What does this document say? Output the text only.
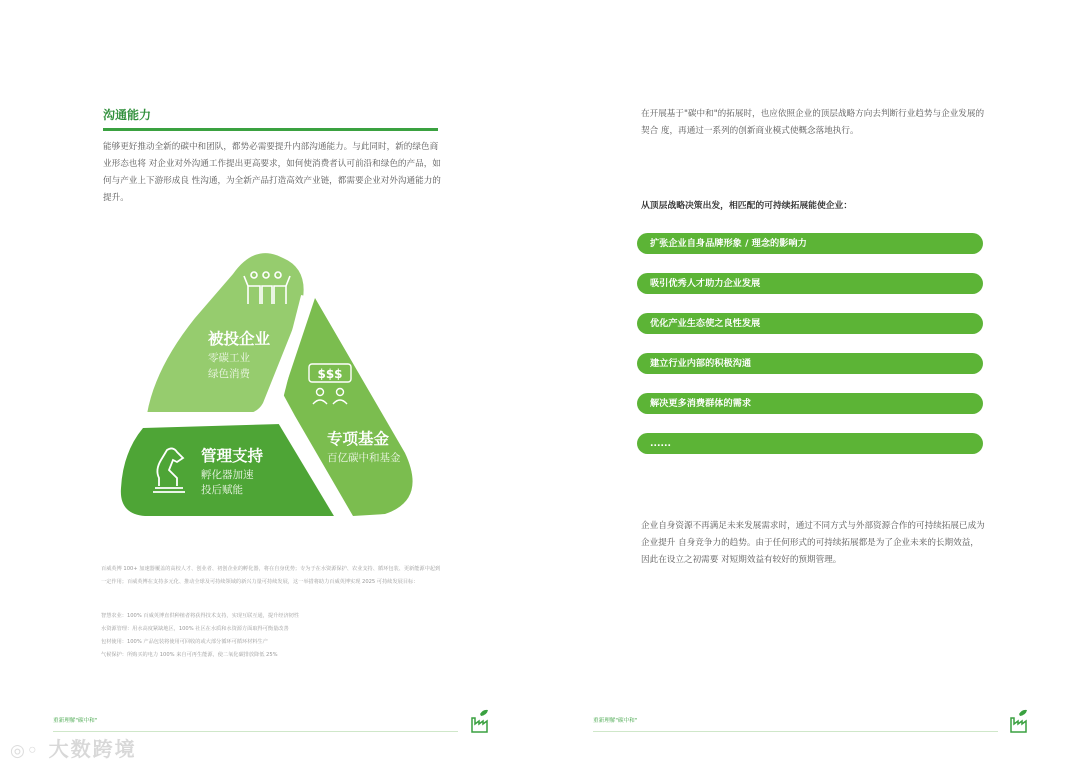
沟通能力
能够更好推动全新的碳中和团队，都势必需要提升内部沟通能力。与此同时，新的绿色商业形态也将 对企业对外沟通工作提出更高要求，如何使消费者认可前沿和绿色的产品，如何与产业上下游形成良 性沟通，为全新产品打造高效产业链，都需要企业对外沟通能力的提升。
$$$
被投企业
零碳工业
绿色消费
专项基金
百亿碳中和基金
管理支持
孵化器加速
投后赋能
百威英博 100+ 加速器覆盖的高校人才、创业者、初创企业的孵化器，将在自身优势；专为于在水资源保护、农业支持、循环包装、更新能源中起到一定作用；百威英博在支持多元化、推动全球及可持续领域的新兴力量可持续发展，这一举措将助力百威英博实现 2025 可持续发展目标：
智慧农业：100% 百威英博直供种植者将获得技术支持，实现互联互通，提升经济韧性
水资源管理：用水高度紧缺地区，100% 社区在水质和水资源方面取得可衡量改善
包材使用：100% 产品包装将使用可回收的或大部分循环可循环材料生产
气候保护：所购买的电力 100% 来自可再生能源，使二氧化碳排放降低 25%
重新理解"碳中和"
在开展基于"碳中和"的拓展时，也应依照企业的顶层战略方向去判断行业趋势与企业发展的契合 度，再通过一系列的创新商业模式使概念落地执行。
从顶层战略决策出发，相匹配的可持续拓展能使企业：
扩张企业自身品牌形象 / 理念的影响力
吸引优秀人才助力企业发展
优化产业生态使之良性发展
建立行业内部的积极沟通
解决更多消费群体的需求
......
企业自身资源不再满足未来发展需求时，通过不同方式与外部资源合作的可持续拓展已成为企业提升 自身竞争力的趋势。由于任何形式的可持续拓展都是为了企业未来的长期效益，因此在设立之初需要 对短期效益有较好的预期管理。
重新理解"碳中和"
◎◦ 大数跨境
